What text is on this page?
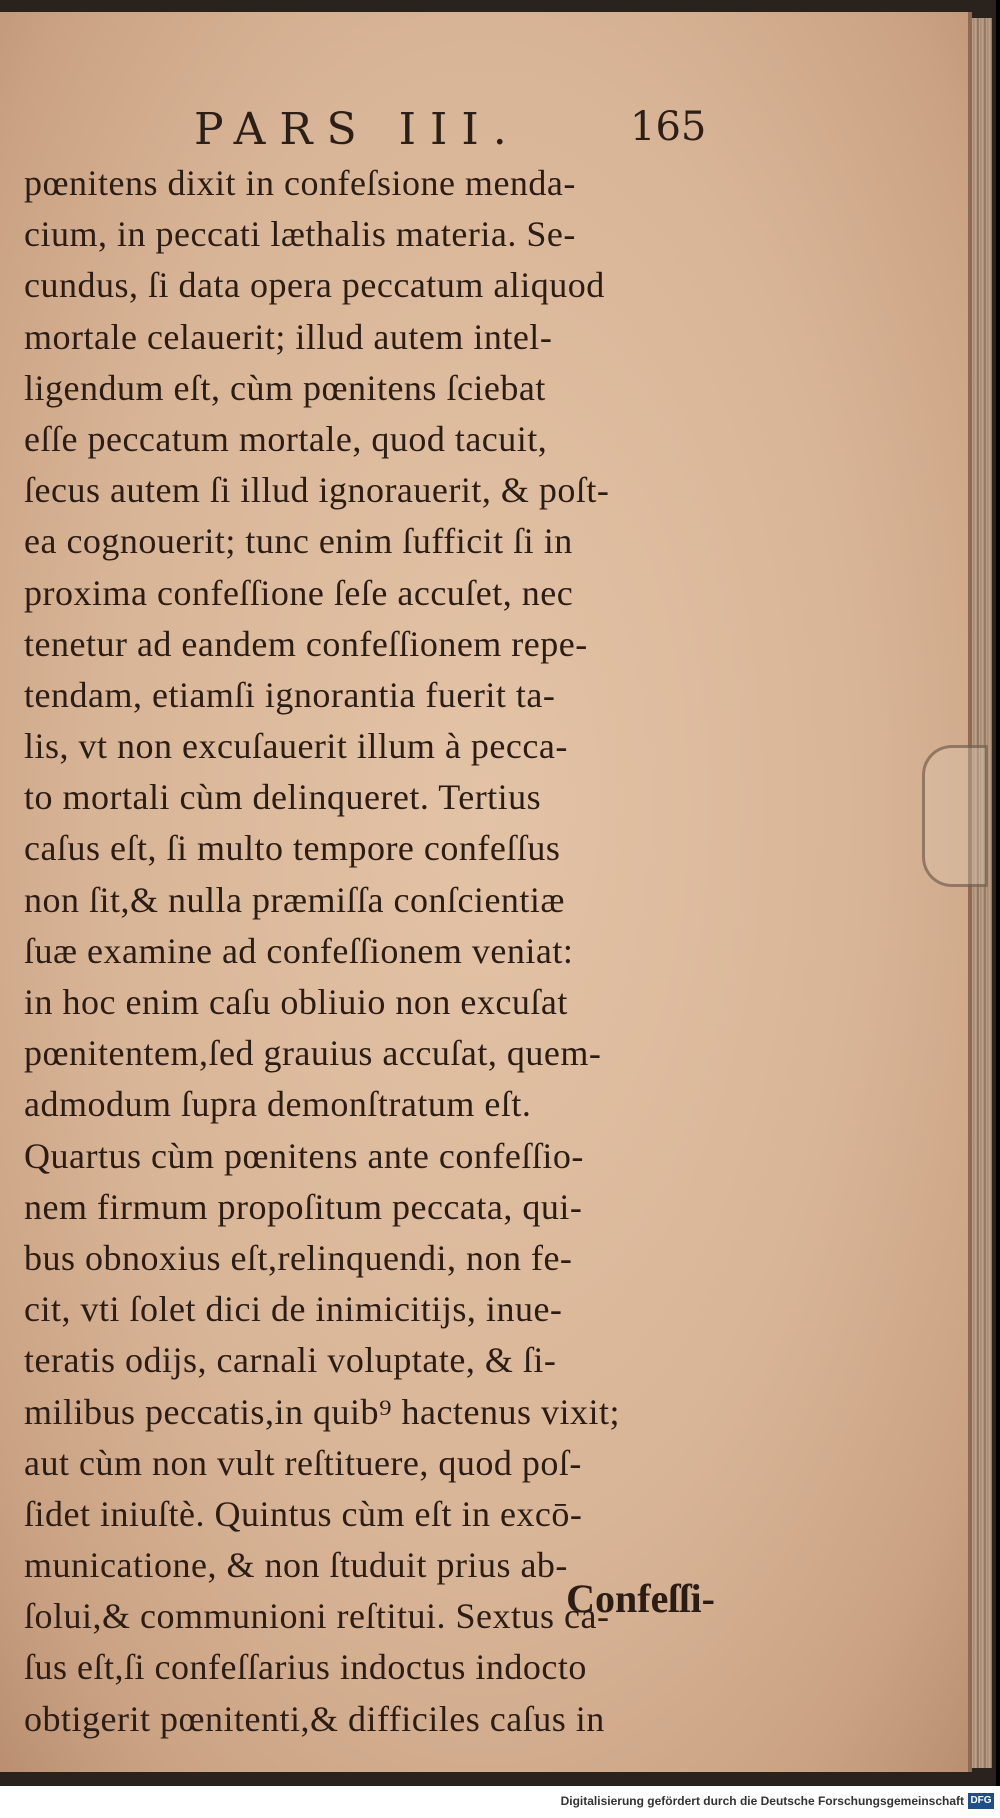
PARS III.	165
pœnitens dixit in confeſsione menda-
cium, in peccati læthalis materia. Se-
cundus, ſi data opera peccatum aliquod
mortale celauerit; illud autem intel-
ligendum eſt, cùm pœnitens ſciebat
eſſe peccatum mortale, quod tacuit,
ſecus autem ſi illud ignorauerit, & poſt-
ea cognouerit; tunc enim ſufficit ſi in
proxima confeſſione ſeſe accuſet, nec
tenetur ad eandem confeſſionem repe-
tendam, etiamſi ignorantia fuerit ta-
lis, vt non excuſauerit illum à pecca-
to mortali cùm delinqueret. Tertius
caſus eſt, ſi multo tempore confeſſus
non ſit,& nulla præmiſſa conſcientiæ
ſuæ examine ad confeſſionem veniat:
in hoc enim caſu obliuio non excuſat
pœnitentem,ſed grauius accuſat, quem-
admodum ſupra demonſtratum eſt.
Quartus cùm pœnitens ante confeſſio-
nem firmum propoſitum peccata, qui-
bus obnoxius eſt,relinquendi, non fe-
cit, vti ſolet dici de inimicitijs, inue-
teratis odijs, carnali voluptate, & ſi-
milibus peccatis,in quib⁹ hactenus vixit;
aut cùm non vult reſtituere, quod poſ-
ſidet iniuſtè. Quintus cùm eſt in excō-
municatione, & non ſtuduit prius ab-
ſolui,& communioni reſtitui. Sextus ca-
ſus eſt,ſi confeſſarius indoctus indocto
obtigerit pœnitenti,& difficiles caſus in
Confeſſi-
Digitalisierung gefördert durch die Deutsche Forschungsgemeinschaft DFG
